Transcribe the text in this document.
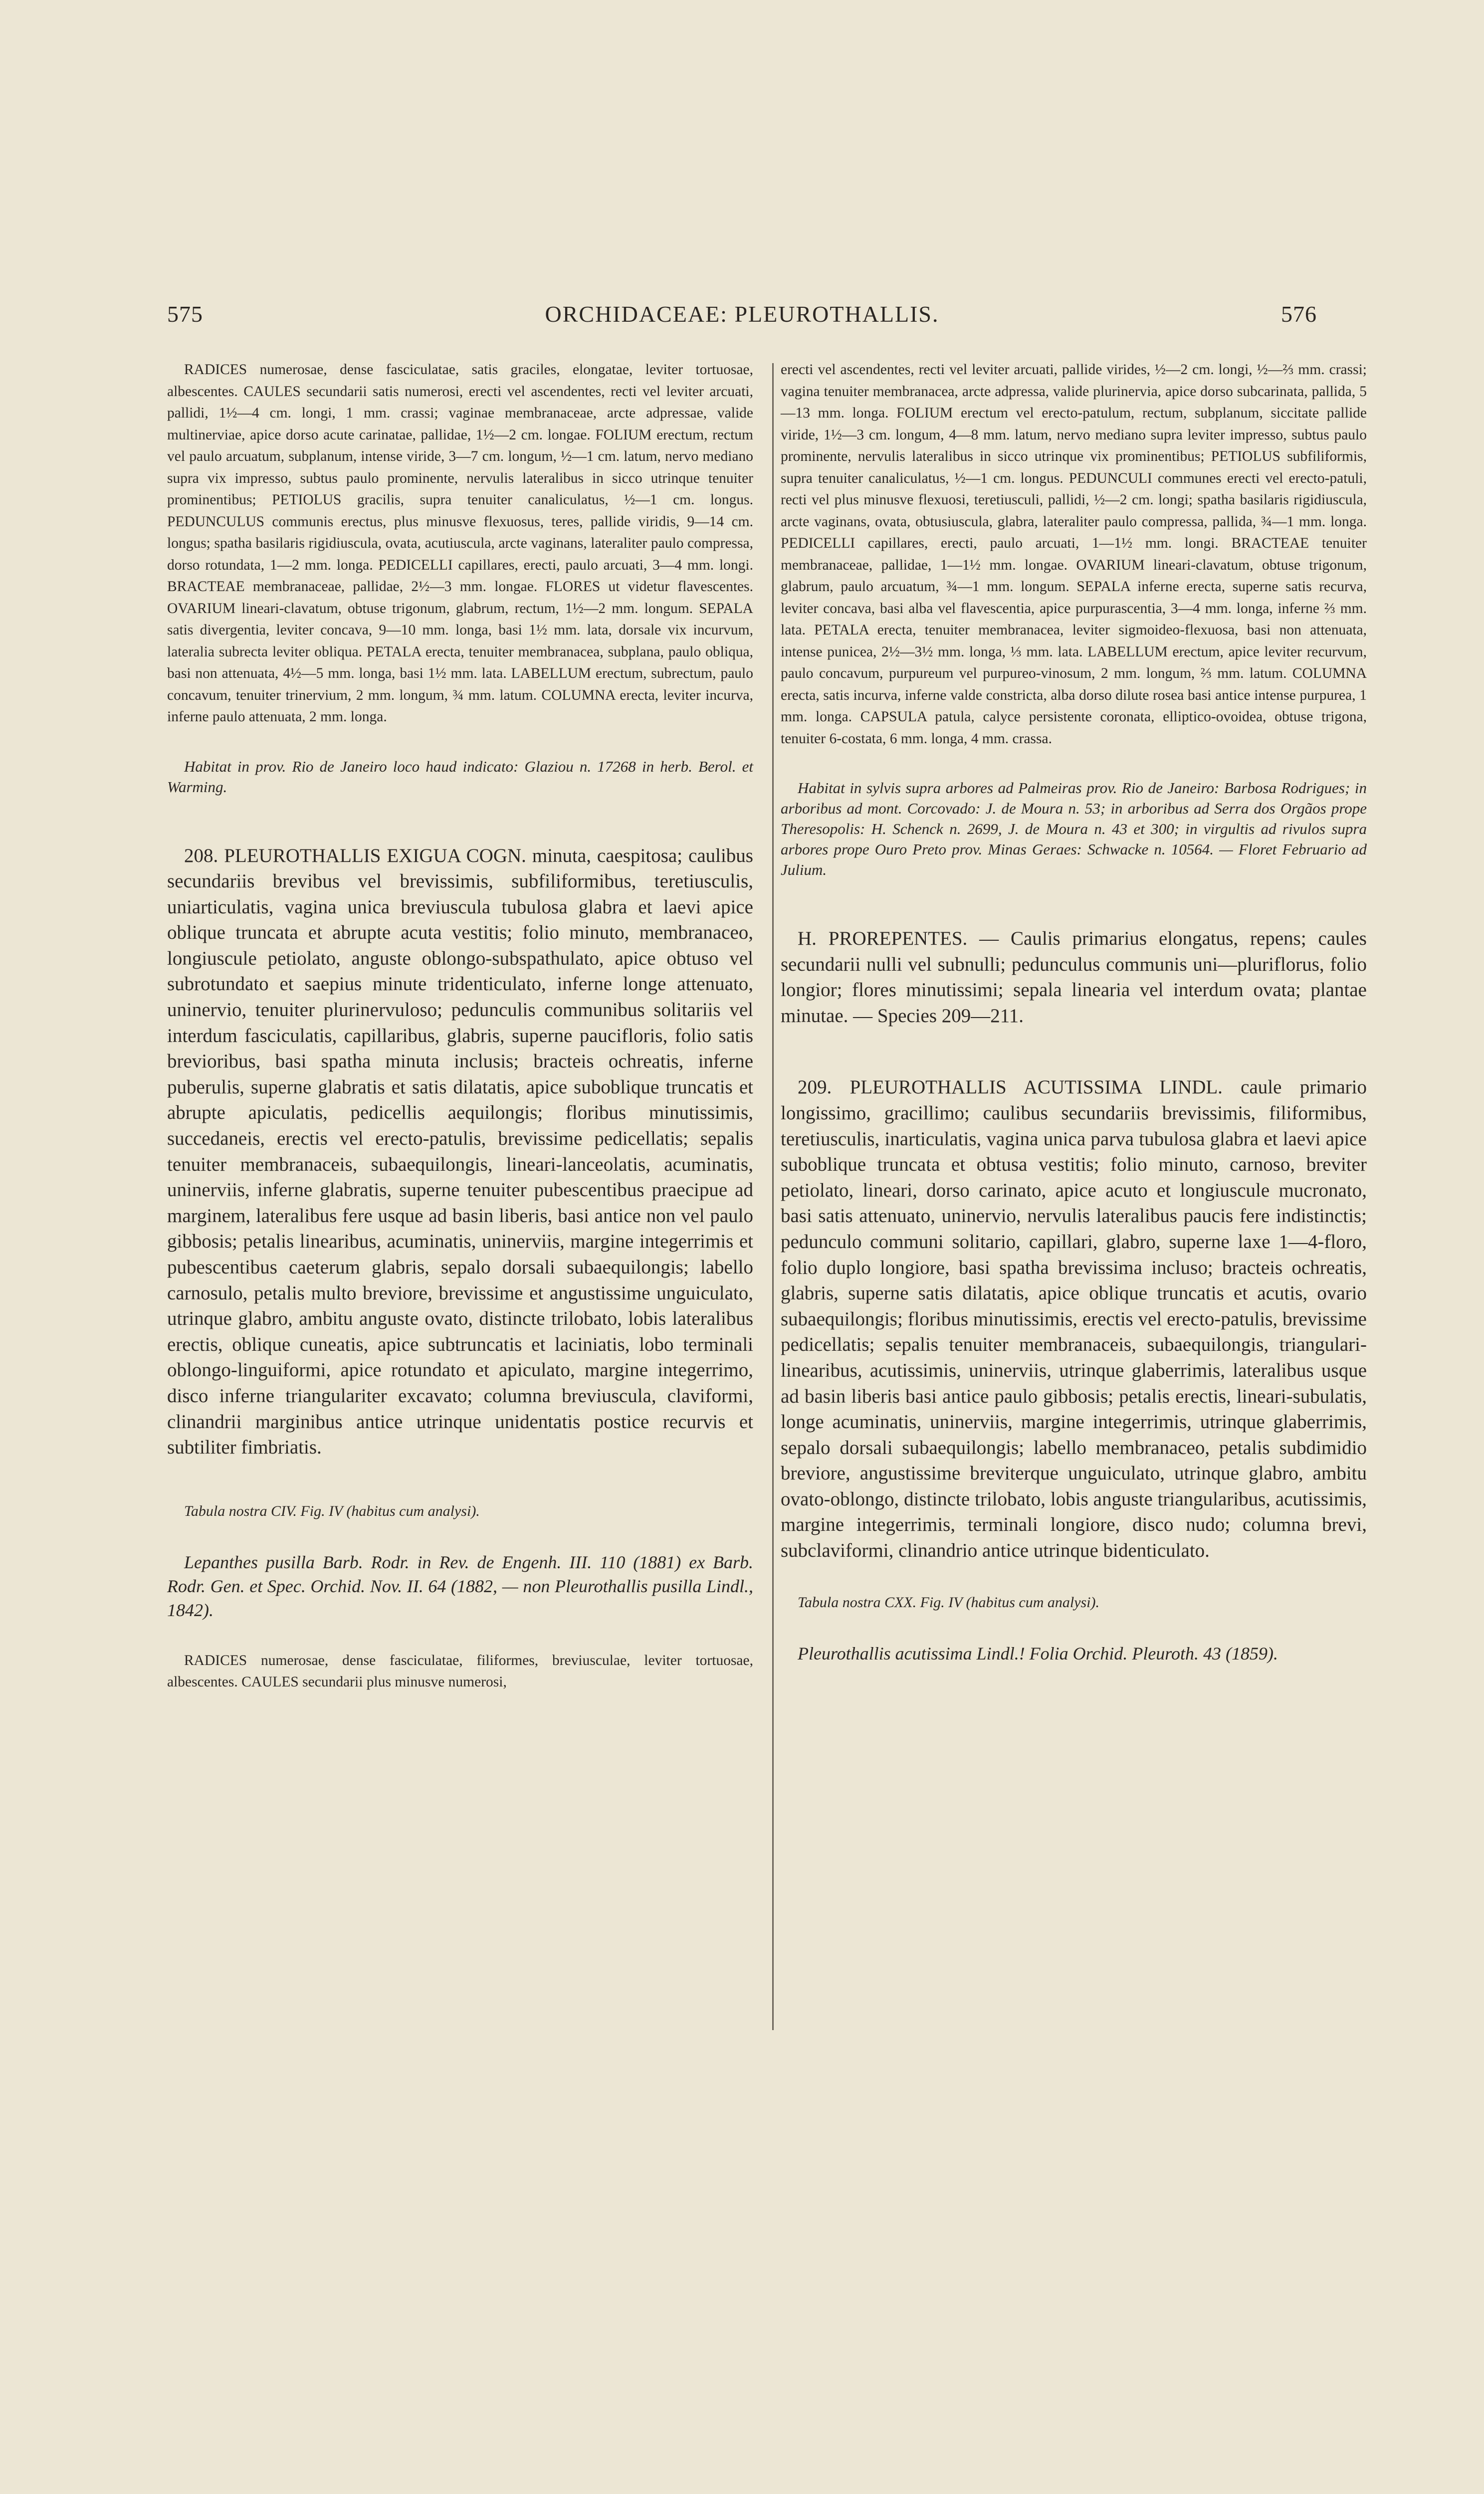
575	ORCHIDACEAE: PLEUROTHALLIS.	576

RADICES numerosae, dense fasciculatae, satis graciles, elongatae, leviter tortuosae, albescentes. CAULES secundarii satis numerosi, erecti vel ascendentes, recti vel leviter arcuati, pallidi, 1½—4 cm. longi, 1 mm. crassi; vaginae membranaceae, arcte adpressae, valide multinerviae, apice dorso acute carinatae, pallidae, 1½—2 cm. longae. FOLIUM erectum, rectum vel paulo arcuatum, subplanum, intense viride, 3—7 cm. longum, ½—1 cm. latum, nervo mediano supra vix impresso, subtus paulo prominente, nervulis lateralibus in sicco utrinque tenuiter prominentibus; PETIOLUS gracilis, supra tenuiter canaliculatus, ½—1 cm. longus. PEDUNCULUS communis erectus, plus minusve flexuosus, teres, pallide viridis, 9—14 cm. longus; spatha basilaris rigidiuscula, ovata, acutiuscula, arcte vaginans, lateraliter paulo compressa, dorso rotundata, 1—2 mm. longa. PEDICELLI capillares, erecti, paulo arcuati, 3—4 mm. longi. BRACTEAE membranaceae, pallidae, 2½—3 mm. longae. FLORES ut videtur flavescentes. OVARIUM lineari-clavatum, obtuse trigonum, glabrum, rectum, 1½—2 mm. longum. SEPALA satis divergentia, leviter concava, 9—10 mm. longa, basi 1½ mm. lata, dorsale vix incurvum, lateralia subrecta leviter obliqua. PETALA erecta, tenuiter membranacea, subplana, paulo obliqua, basi non attenuata, 4½—5 mm. longa, basi 1½ mm. lata. LABELLUM erectum, subrectum, paulo concavum, tenuiter trinervium, 2 mm. longum, ¾ mm. latum. COLUMNA erecta, leviter incurva, inferne paulo attenuata, 2 mm. longa.

Habitat in prov. Rio de Janeiro loco haud indicato: Glaziou n. 17268 in herb. Berol. et Warming.

208. PLEUROTHALLIS EXIGUA COGN. minuta, caespitosa; caulibus secundariis brevibus vel brevissimis, subfiliformibus, teretiusculis, uniarticulatis, vagina unica breviuscula tubulosa glabra et laevi apice oblique truncata et abrupte acuta vestitis; folio minuto, membranaceo, longiuscule petiolato, anguste oblongo-subspathulato, apice obtuso vel subrotundato et saepius minute tridenticulato, inferne longe attenuato, uninervio, tenuiter plurinervuloso; pedunculis communibus solitariis vel interdum fasciculatis, capillaribus, glabris, superne paucifloris, folio satis brevioribus, basi spatha minuta inclusis; bracteis ochreatis, inferne puberulis, superne glabratis et satis dilatatis, apice suboblique truncatis et abrupte apiculatis, pedicellis aequilongis; floribus minutissimis, succedaneis, erectis vel erecto-patulis, brevissime pedicellatis; sepalis tenuiter membranaceis, subaequilongis, lineari-lanceolatis, acuminatis, uninerviis, inferne glabratis, superne tenuiter pubescentibus praecipue ad marginem, lateralibus fere usque ad basin liberis, basi antice non vel paulo gibbosis; petalis linearibus, acuminatis, uninerviis, margine integerrimis et pubescentibus caeterum glabris, sepalo dorsali subaequilongis; labello carnosulo, petalis multo breviore, brevissime et angustissime unguiculato, utrinque glabro, ambitu anguste ovato, distincte trilobato, lobis lateralibus erectis, oblique cuneatis, apice subtruncatis et laciniatis, lobo terminali oblongo-linguiformi, apice rotundato et apiculato, margine integerrimo, disco inferne triangulariter excavato; columna breviuscula, claviformi, clinandrii marginibus antice utrinque unidentatis postice recurvis et subtiliter fimbriatis.

Tabula nostra CIV. Fig. IV (habitus cum analysi).

Lepanthes pusilla Barb. Rodr. in Rev. de Engenh. III. 110 (1881) ex Barb. Rodr. Gen. et Spec. Orchid. Nov. II. 64 (1882, — non Pleurothallis pusilla Lindl., 1842).

RADICES numerosae, dense fasciculatae, filiformes, breviusculae, leviter tortuosae, albescentes. CAULES secundarii plus minusve numerosi,

erecti vel ascendentes, recti vel leviter arcuati, pallide virides, ½—2 cm. longi, ½—⅔ mm. crassi; vagina tenuiter membranacea, arcte adpressa, valide plurinervia, apice dorso subcarinata, pallida, 5—13 mm. longa. FOLIUM erectum vel erecto-patulum, rectum, subplanum, siccitate pallide viride, 1½—3 cm. longum, 4—8 mm. latum, nervo mediano supra leviter impresso, subtus paulo prominente, nervulis lateralibus in sicco utrinque vix prominentibus; PETIOLUS subfiliformis, supra tenuiter canaliculatus, ½—1 cm. longus. PEDUNCULI communes erecti vel erecto-patuli, recti vel plus minusve flexuosi, teretiusculi, pallidi, ½—2 cm. longi; spatha basilaris rigidiuscula, arcte vaginans, ovata, obtusiuscula, glabra, lateraliter paulo compressa, pallida, ¾—1 mm. longa. PEDICELLI capillares, erecti, paulo arcuati, 1—1½ mm. longi. BRACTEAE tenuiter membranaceae, pallidae, 1—1½ mm. longae. OVARIUM lineari-clavatum, obtuse trigonum, glabrum, paulo arcuatum, ¾—1 mm. longum. SEPALA inferne erecta, superne satis recurva, leviter concava, basi alba vel flavescentia, apice purpurascentia, 3—4 mm. longa, inferne ⅔ mm. lata. PETALA erecta, tenuiter membranacea, leviter sigmoideo-flexuosa, basi non attenuata, intense punicea, 2½—3½ mm. longa, ⅓ mm. lata. LABELLUM erectum, apice leviter recurvum, paulo concavum, purpureum vel purpureo-vinosum, 2 mm. longum, ⅔ mm. latum. COLUMNA erecta, satis incurva, inferne valde constricta, alba dorso dilute rosea basi antice intense purpurea, 1 mm. longa. CAPSULA patula, calyce persistente coronata, elliptico-ovoidea, obtuse trigona, tenuiter 6-costata, 6 mm. longa, 4 mm. crassa.

Habitat in sylvis supra arbores ad Palmeiras prov. Rio de Janeiro: Barbosa Rodrigues; in arboribus ad mont. Corcovado: J. de Moura n. 53; in arboribus ad Serra dos Orgãos prope Theresopolis: H. Schenck n. 2699, J. de Moura n. 43 et 300; in virgultis ad rivulos supra arbores prope Ouro Preto prov. Minas Geraes: Schwacke n. 10564. — Floret Februario ad Julium.

H. PROREPENTES. — Caulis primarius elongatus, repens; caules secundarii nulli vel subnulli; pedunculus communis uni—pluriflorus, folio longior; flores minutissimi; sepala linearia vel interdum ovata; plantae minutae. — Species 209—211.

209. PLEUROTHALLIS ACUTISSIMA LINDL. caule primario longissimo, gracillimo; caulibus secundariis brevissimis, filiformibus, teretiusculis, inarticulatis, vagina unica parva tubulosa glabra et laevi apice suboblique truncata et obtusa vestitis; folio minuto, carnoso, breviter petiolato, lineari, dorso carinato, apice acuto et longiuscule mucronato, basi satis attenuato, uninervio, nervulis lateralibus paucis fere indistinctis; pedunculo communi solitario, capillari, glabro, superne laxe 1—4-floro, folio duplo longiore, basi spatha brevissima incluso; bracteis ochreatis, glabris, superne satis dilatatis, apice oblique truncatis et acutis, ovario subaequilongis; floribus minutissimis, erectis vel erecto-patulis, brevissime pedicellatis; sepalis tenuiter membranaceis, subaequilongis, triangulari-linearibus, acutissimis, uninerviis, utrinque glaberrimis, lateralibus usque ad basin liberis basi antice paulo gibbosis; petalis erectis, lineari-subulatis, longe acuminatis, uninerviis, margine integerrimis, utrinque glaberrimis, sepalo dorsali subaequilongis; labello membranaceo, petalis subdimidio breviore, angustissime breviterque unguiculato, utrinque glabro, ambitu ovato-oblongo, distincte trilobato, lobis anguste triangularibus, acutissimis, margine integerrimis, terminali longiore, disco nudo; columna brevi, subclaviformi, clinandrio antice utrinque bidenticulato.

Tabula nostra CXX. Fig. IV (habitus cum analysi).

Pleurothallis acutissima Lindl.! Folia Orchid. Pleuroth. 43 (1859).
